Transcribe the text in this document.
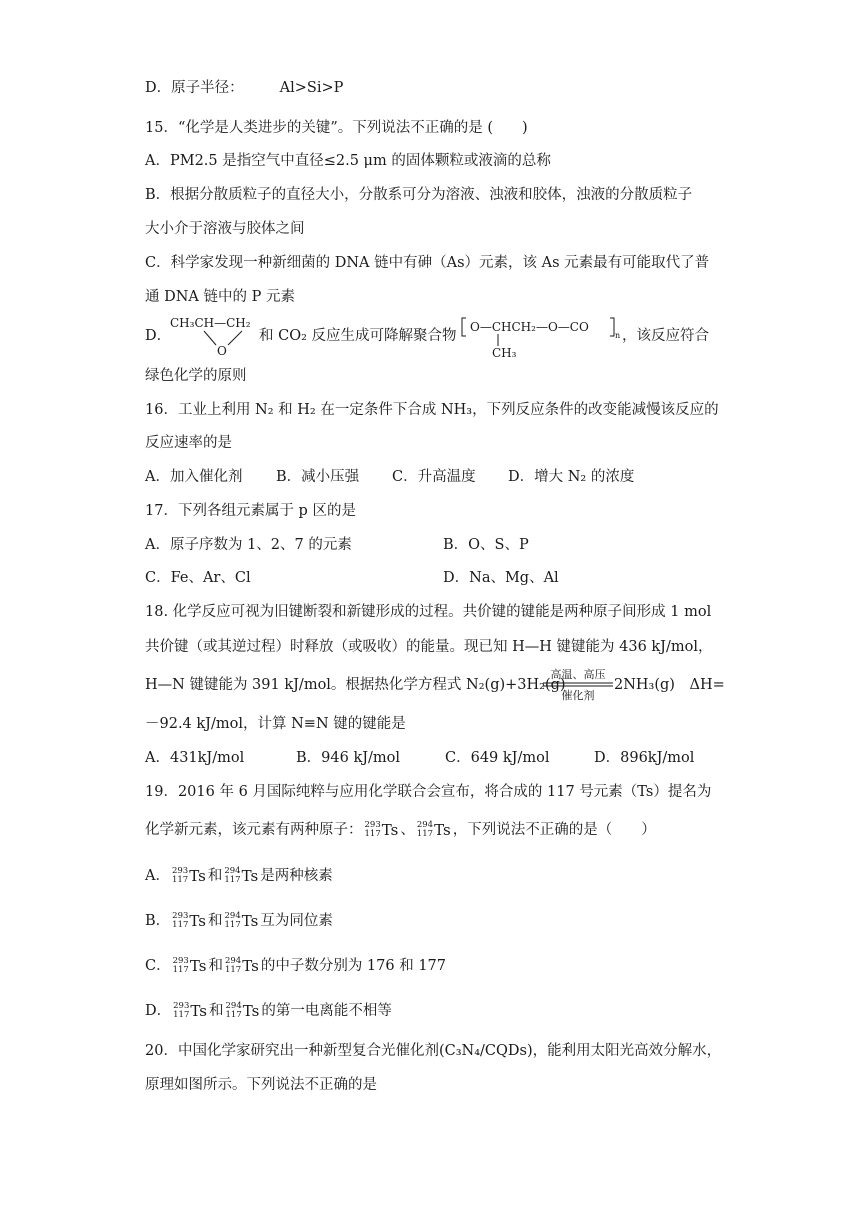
D．原子半径： Al>Si>P
15．“化学是人类进步的关键”。下列说法不正确的是 (　　)
A．PM2.5 是指空气中直径≤2.5 μm 的固体颗粒或液滴的总称
B．根据分散质粒子的直径大小，分散系可分为溶液、浊液和胶体，浊液的分散质粒子
大小介于溶液与胶体之间
C．科学家发现一种新细菌的 DNA 链中有砷（As）元素，该 As 元素最有可能取代了普
通 DNA 链中的 P 元素
D．
CH₃CH—CH₂
O
和 CO₂ 反应生成可降解聚合物
O—CHCH₂—O—CO
n
CH₃
，该反应符合
绿色化学的原则
16．工业上利用 N₂ 和 H₂ 在一定条件下合成 NH₃，下列反应条件的改变能减慢该反应的
反应速率的是
A．加入催化剂 B．减小压强 C．升高温度 D．增大 N₂ 的浓度
17．下列各组元素属于 p 区的是
A．原子序数为 1、2、7 的元素	B．O、S、P
C．Fe、Ar、Cl	D．Na、Mg、Al
18. 化学反应可视为旧键断裂和新键形成的过程。共价键的键能是两种原子间形成 1 mol
共价键（或其逆过程）时释放（或吸收）的能量。现已知 H—H 键键能为 436 kJ/mol，
H—N 键键能为 391 kJ/mol。根据热化学方程式 N₂(g)+3H₂(g)
高温、高压
催化剂
2NH₃(g)　ΔH=
－92.4 kJ/mol，计算 N≡N 键的键能是
A．431kJ/mol	B．946 kJ/mol	C．649 kJ/mol	D．896kJ/mol
19．2016 年 6 月国际纯粹与应用化学联合会宣布，将合成的 117 号元素（Ts）提名为
化学新元素，该元素有两种原子： 293
117 Ts 、 294
117 Ts ，下列说法不正确的是（　　）
A． 293
117 Ts 和 294
117 Ts 是两种核素
B． 293
117 Ts 和 294
117 Ts 互为同位素
C． 293
117 Ts 和 294
117 Ts 的中子数分别为 176 和 177
D． 293
117 Ts 和 294
117 Ts 的第一电离能不相等
20．中国化学家研究出一种新型复合光催化剂(C₃N₄/CQDs)，能利用太阳光高效分解水，
原理如图所示。下列说法不正确的是
